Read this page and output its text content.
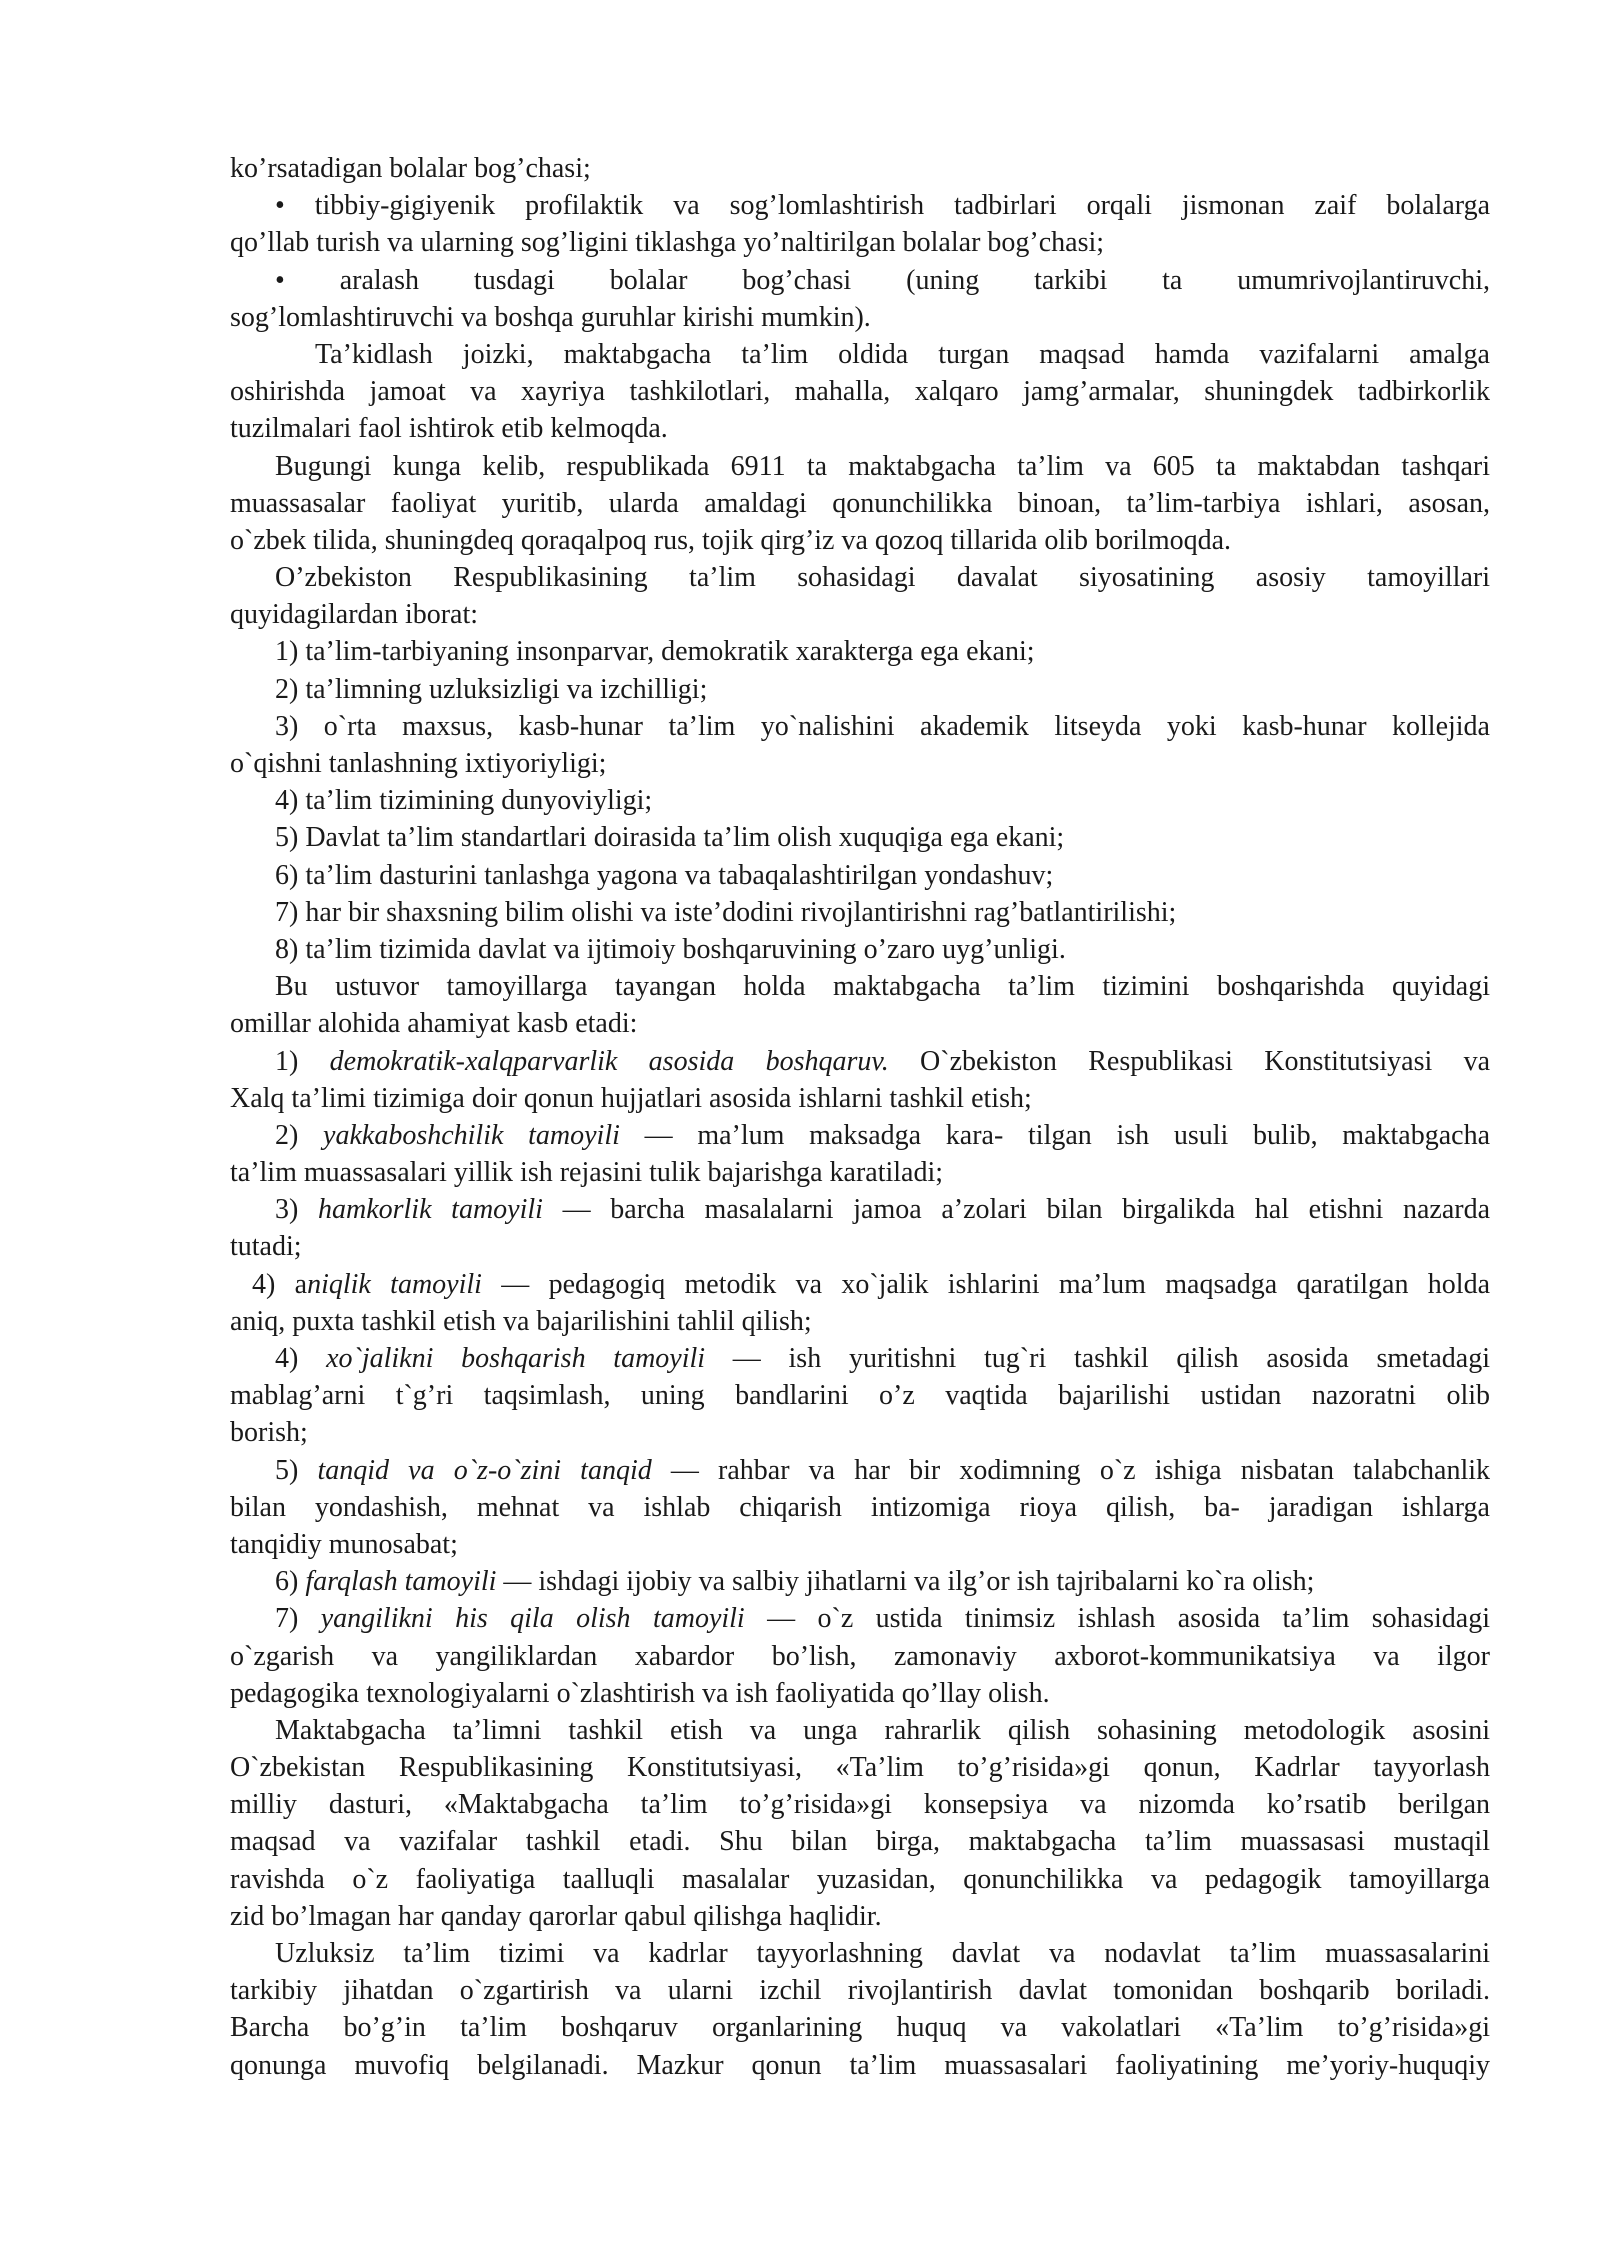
ko’rsatadigan bolalar bog’chasi;
• tibbiy-gigiyenik profilaktik va sog’lomlashtirish tadbirlari orqali jismonan zaif bolalarga
qo’llab turish va ularning sog’ligini tiklashga yo’naltirilgan bolalar bog’chasi;
• aralash tusdagi bolalar bog’chasi (uning tarkibi ta umumrivojlantiruvchi,
sog’lomlashtiruvchi va boshqa guruhlar kirishi mumkin).
Ta’kidlash joizki, maktabgacha ta’lim oldida turgan maqsad hamda vazifalarni amalga
oshirishda jamoat va xayriya tashkilotlari, mahalla, xalqaro jamg’armalar, shuningdek tadbirkorlik
tuzilmalari faol ishtirok etib kelmoqda.
Bugungi kunga kelib, respublikada 6911 ta maktabgacha ta’lim va 605 ta maktabdan tashqari
muassasalar faoliyat yuritib, ularda amaldagi qonunchilikka binoan, ta’lim-tarbiya ishlari, asosan,
o`zbek tilida, shuningdeq qoraqalpoq rus, tojik qirg’iz va qozoq tillarida olib borilmoqda.
O’zbekiston Respublikasining ta’lim sohasidagi davalat siyosatining asosiy tamoyillari
quyidagilardan iborat:
1) ta’lim-tarbiyaning insonparvar, demokratik xarakterga ega ekani;
2) ta’limning uzluksizligi va izchilligi;
3) o`rta maxsus, kasb-hunar ta’lim yo`nalishini akademik litseyda yoki kasb-hunar kollejida
o`qishni tanlashning ixtiyoriyligi;
4) ta’lim tizimining dunyoviyligi;
5) Davlat ta’lim standartlari doirasida ta’lim olish xuquqiga ega ekani;
6) ta’lim dasturini tanlashga yagona va tabaqalashtirilgan yondashuv;
7) har bir shaxsning bilim olishi va iste’dodini rivojlantirishni rag’batlantirilishi;
8) ta’lim tizimida davlat va ijtimoiy boshqaruvining o’zaro uyg’unligi.
Bu ustuvor tamoyillarga tayangan holda maktabgacha ta’lim tizimini boshqarishda quyidagi
omillar alohida ahamiyat kasb etadi:
1) demokratik-xalqparvarlik asosida boshqaruv. O`zbekiston Respublikasi Konstitutsiyasi va
Xalq ta’limi tizimiga doir qonun hujjatlari asosida ishlarni tashkil etish;
2) yakkaboshchilik tamoyili — ma’lum maksadga kara- tilgan ish usuli bulib, maktabgacha
ta’lim muassasalari yillik ish rejasini tulik bajarishga karatiladi;
3) hamkorlik tamoyili — barcha masalalarni jamoa a’zolari bilan birgalikda hal etishni nazarda
tutadi;
4) aniqlik tamoyili — pedagogiq metodik va xo`jalik ishlarini ma’lum maqsadga qaratilgan holda
aniq, puxta tashkil etish va bajarilishini tahlil qilish;
4) xo`jalikni boshqarish tamoyili — ish yuritishni tug`ri tashkil qilish asosida smetadagi
mablag’arni t`g’ri taqsimlash, uning bandlarini o’z vaqtida bajarilishi ustidan nazoratni olib
borish;
5) tanqid va o`z-o`zini tanqid — rahbar va har bir xodimning o`z ishiga nisbatan talabchanlik
bilan yondashish, mehnat va ishlab chiqarish intizomiga rioya qilish, ba- jaradigan ishlarga
tanqidiy munosabat;
6) farqlash tamoyili — ishdagi ijobiy va salbiy jihatlarni va ilg’or ish tajribalarni ko`ra olish;
7) yangilikni his qila olish tamoyili — o`z ustida tinimsiz ishlash asosida ta’lim sohasidagi
o`zgarish va yangiliklardan xabardor bo’lish, zamonaviy axborot-kommunikatsiya va ilgor
pedagogika texnologiyalarni o`zlashtirish va ish faoliyatida qo’llay olish.
Maktabgacha ta’limni tashkil etish va unga rahrarlik qilish sohasining metodologik asosini
O`zbekistan Respublikasining Konstitutsiyasi, «Ta’lim to’g’risida»gi qonun, Kadrlar tayyorlash
milliy dasturi, «Maktabgacha ta’lim to’g’risida»gi konsepsiya va nizomda ko’rsatib berilgan
maqsad va vazifalar tashkil etadi. Shu bilan birga, maktabgacha ta’lim muassasasi mustaqil
ravishda o`z faoliyatiga taalluqli masalalar yuzasidan, qonunchilikka va pedagogik tamoyillarga
zid bo’lmagan har qanday qarorlar qabul qilishga haqlidir.
Uzluksiz ta’lim tizimi va kadrlar tayyorlashning davlat va nodavlat ta’lim muassasalarini
tarkibiy jihatdan o`zgartirish va ularni izchil rivojlantirish davlat tomonidan boshqarib boriladi.
Barcha bo’g’in ta’lim boshqaruv organlarining huquq va vakolatlari «Ta’lim to’g’risida»gi
qonunga muvofiq belgilanadi. Mazkur qonun ta’lim muassasalari faoliyatining me’yoriy-huquqiy
